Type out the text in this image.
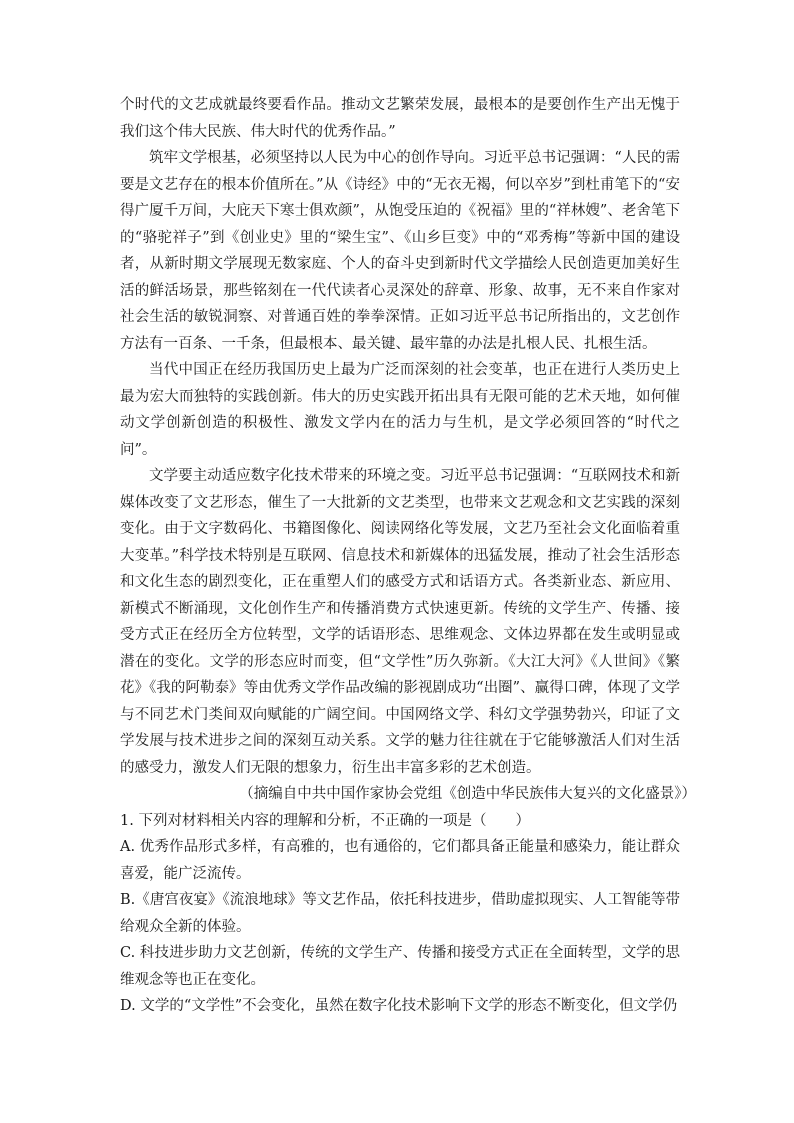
个时代的文艺成就最终要看作品。推动文艺繁荣发展，最根本的是要创作生产出无愧于我们这个伟大民族、伟大时代的优秀作品。”

筑牢文学根基，必须坚持以人民为中心的创作导向。习近平总书记强调：“人民的需要是文艺存在的根本价值所在。”从《诗经》中的“无衣无褐，何以卒岁”到杜甫笔下的“安得广厦千万间，大庇天下寒士俱欢颜”，从饱受压迫的《祝福》里的“祥林嫂”、老舍笔下的“骆驼祥子”到《创业史》里的“梁生宝”、《山乡巨变》中的“邓秀梅”等新中国的建设者，从新时期文学展现无数家庭、个人的奋斗史到新时代文学描绘人民创造更加美好生活的鲜活场景，那些铭刻在一代代读者心灵深处的辞章、形象、故事，无不来自作家对社会生活的敏锐洞察、对普通百姓的拳拳深情。正如习近平总书记所指出的，文艺创作方法有一百条、一千条，但最根本、最关键、最牢靠的办法是扎根人民、扎根生活。

当代中国正在经历我国历史上最为广泛而深刻的社会变革，也正在进行人类历史上最为宏大而独特的实践创新。伟大的历史实践开拓出具有无限可能的艺术天地，如何催动文学创新创造的积极性、激发文学内在的活力与生机，是文学必须回答的“时代之问”。

文学要主动适应数字化技术带来的环境之变。习近平总书记强调：“互联网技术和新媒体改变了文艺形态，催生了一大批新的文艺类型，也带来文艺观念和文艺实践的深刻变化。由于文字数码化、书籍图像化、阅读网络化等发展，文艺乃至社会文化面临着重大变革。”科学技术特别是互联网、信息技术和新媒体的迅猛发展，推动了社会生活形态和文化生态的剧烈变化，正在重塑人们的感受方式和话语方式。各类新业态、新应用、新模式不断涌现，文化创作生产和传播消费方式快速更新。传统的文学生产、传播、接受方式正在经历全方位转型，文学的话语形态、思维观念、文体边界都在发生或明显或潜在的变化。文学的形态应时而变，但“文学性”历久弥新。《大江大河》《人世间》《繁花》《我的阿勒泰》等由优秀文学作品改编的影视剧成功“出圈”、赢得口碑，体现了文学与不同艺术门类间双向赋能的广阔空间。中国网络文学、科幻文学强势勃兴，印证了文学发展与技术进步之间的深刻互动关系。文学的魅力往往就在于它能够激活人们对生活的感受力，激发人们无限的想象力，衍生出丰富多彩的艺术创造。

（摘编自中共中国作家协会党组《创造中华民族伟大复兴的文化盛景》）

1. 下列对材料相关内容的理解和分析，不正确的一项是（　　）

A. 优秀作品形式多样，有高雅的，也有通俗的，它们都具备正能量和感染力，能让群众喜爱，能广泛流传。

B.《唐宫夜宴》《流浪地球》等文艺作品，依托科技进步，借助虚拟现实、人工智能等带给观众全新的体验。

C. 科技进步助力文艺创新，传统的文学生产、传播和接受方式正在全面转型，文学的思维观念等也正在变化。

D. 文学的“文学性”不会变化，虽然在数字化技术影响下文学的形态不断变化，但文学仍
